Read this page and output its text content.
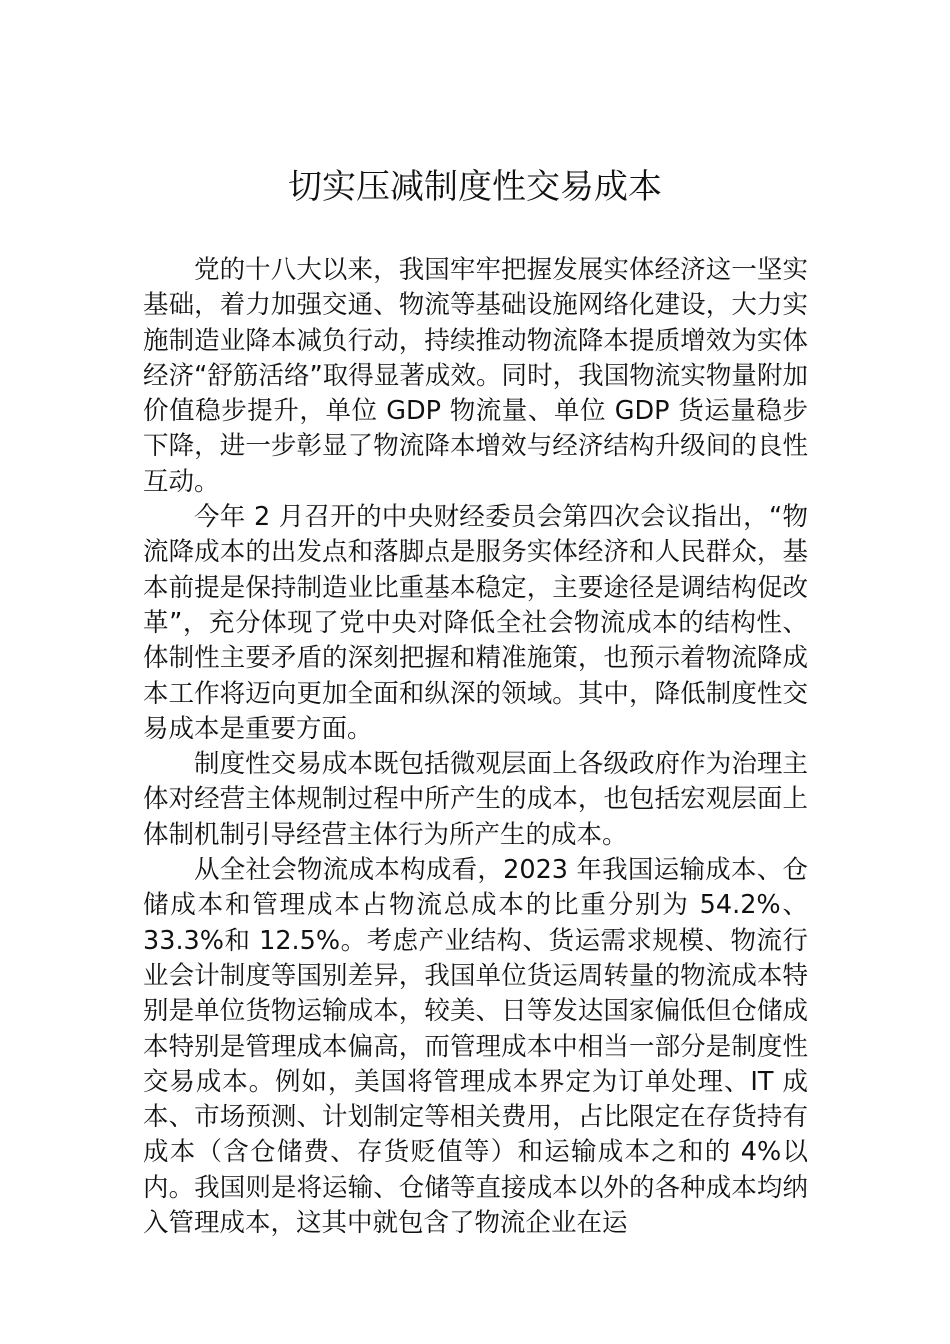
切实压减制度性交易成本

党的十八大以来，我国牢牢把握发展实体经济这一坚实基础，着力加强交通、物流等基础设施网络化建设，大力实施制造业降本减负行动，持续推动物流降本提质增效为实体经济“舒筋活络”取得显著成效。同时，我国物流实物量附加价值稳步提升，单位 GDP 物流量、单位 GDP 货运量稳步下降，进一步彰显了物流降本增效与经济结构升级间的良性互动。

今年 2 月召开的中央财经委员会第四次会议指出，“物流降成本的出发点和落脚点是服务实体经济和人民群众，基本前提是保持制造业比重基本稳定，主要途径是调结构促改革”，充分体现了党中央对降低全社会物流成本的结构性、体制性主要矛盾的深刻把握和精准施策，也预示着物流降成本工作将迈向更加全面和纵深的领域。其中，降低制度性交易成本是重要方面。

制度性交易成本既包括微观层面上各级政府作为治理主体对经营主体规制过程中所产生的成本，也包括宏观层面上体制机制引导经营主体行为所产生的成本。

从全社会物流成本构成看，2023 年我国运输成本、仓储成本和管理成本占物流总成本的比重分别为 54.2%、33.3%和 12.5%。考虑产业结构、货运需求规模、物流行业会计制度等国别差异，我国单位货运周转量的物流成本特别是单位货物运输成本，较美、日等发达国家偏低但仓储成本特别是管理成本偏高，而管理成本中相当一部分是制度性交易成本。例如，美国将管理成本界定为订单处理、IT 成本、市场预测、计划制定等相关费用，占比限定在存货持有成本（含仓储费、存货贬值等）和运输成本之和的 4%以内。我国则是将运输、仓储等直接成本以外的各种成本均纳入管理成本，这其中就包含了物流企业在运
